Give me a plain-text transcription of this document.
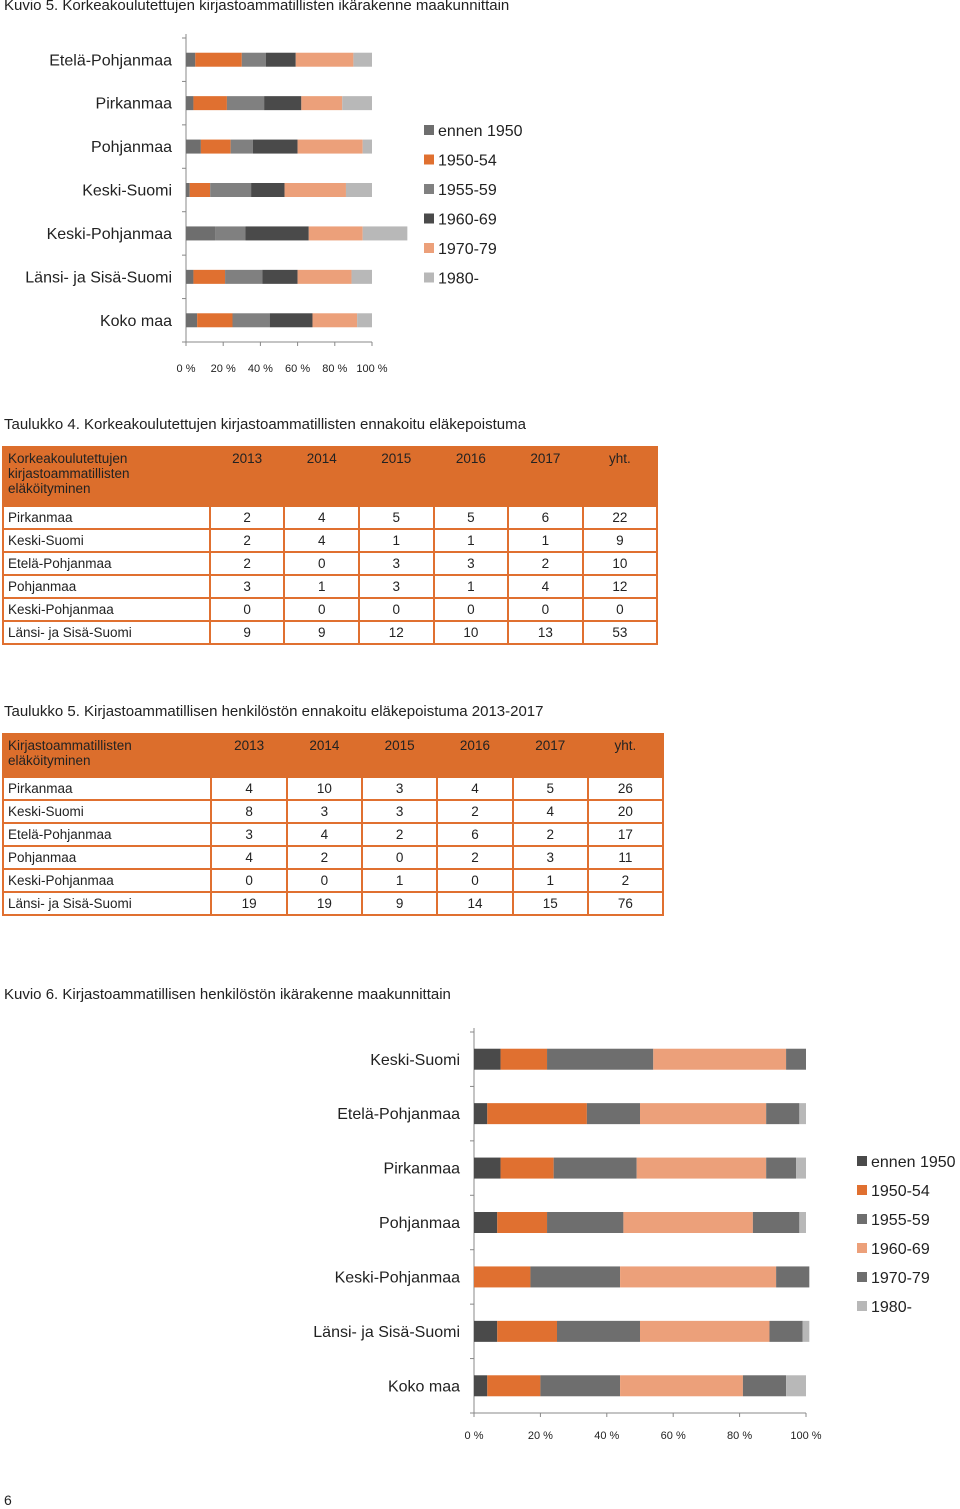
Kuvio 5. Korkeakoulutettujen kirjastoammatillisten ikärakenne maakunnittain
Etelä-Pohjanmaa
Pirkanmaa
Pohjanmaa
Keski-Suomi
Keski-Pohjanmaa
Länsi- ja Sisä-Suomi
Koko maa
0 % 20 % 40 % 60 % 80 % 100 %
ennen 1950
1950-54
1955-59
1960-69
1970-79
1980-
Taulukko 4. Korkeakoulutettujen kirjastoammatillisten ennakoitu eläkepoistuma
Korkeakoulutettujen kirjastoammatillisten eläköityminen	2013	2014	2015	2016	2017	yht.
Pirkanmaa	2	4	5	5	6	22
Keski-Suomi	2	4	1	1	1	9
Etelä-Pohjanmaa	2	0	3	3	2	10
Pohjanmaa	3	1	3	1	4	12
Keski-Pohjanmaa	0	0	0	0	0	0
Länsi- ja Sisä-Suomi	9	9	12	10	13	53
Taulukko 5. Kirjastoammatillisen henkilöstön ennakoitu eläkepoistuma 2013-2017
Kirjastoammatillisten eläköityminen	2013	2014	2015	2016	2017	yht.
Pirkanmaa	4	10	3	4	5	26
Keski-Suomi	8	3	3	2	4	20
Etelä-Pohjanmaa	3	4	2	6	2	17
Pohjanmaa	4	2	0	2	3	11
Keski-Pohjanmaa	0	0	1	0	1	2
Länsi- ja Sisä-Suomi	19	19	9	14	15	76
Kuvio 6. Kirjastoammatillisen henkilöstön ikärakenne maakunnittain
Keski-Suomi
Etelä-Pohjanmaa
Pirkanmaa
Pohjanmaa
Keski-Pohjanmaa
Länsi- ja Sisä-Suomi
Koko maa
0 %	20 %	40 %	60 %	80 %	100 %
ennen 1950
1950-54
1955-59
1960-69
1970-79
1980-
6
